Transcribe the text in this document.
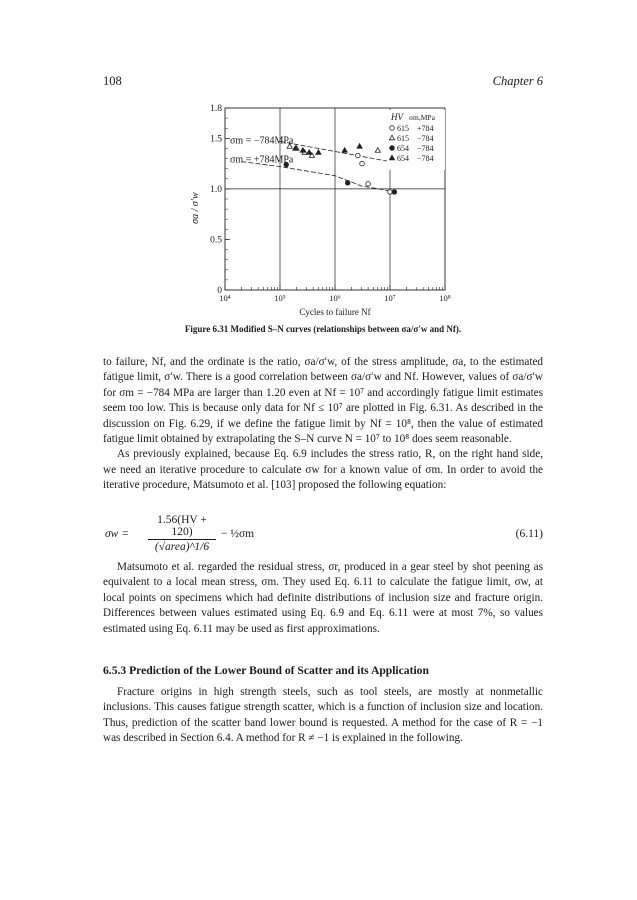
108	Chapter 6
10⁴	10⁵	10⁶	10⁷	10⁸
0
0.5
1.0
1.5
1.8
Cycles to failure Nf
σa / σ′w
σm = −784MPa
σm = +784MPa
HV σm,MPa
615 +784
615 −784
654 −784
654 −784
Figure 6.31 Modified S–N curves (relationships between σa/σ′w and Nf).

to failure, Nf, and the ordinate is the ratio, σa/σ′w, of the stress amplitude, σa, to the estimated fatigue limit, σ′w. There is a good correlation between σa/σ′w and Nf. However, values of σa/σ′w for σm = −784 MPa are larger than 1.20 even at Nf = 10⁷ and accordingly fatigue limit estimates seem too low. This is because only data for Nf ≤ 10⁷ are plotted in Fig. 6.31. As described in the discussion on Fig. 6.29, if we define the fatigue limit by Nf = 10⁸, then the value of estimated fatigue limit obtained by extrapolating the S–N curve N = 10⁷ to 10⁸ does seem reasonable.

As previously explained, because Eq. 6.9 includes the stress ratio, R, on the right hand side, we need an iterative procedure to calculate σw for a known value of σm. In order to avoid the iterative procedure, Matsumoto et al. [103] proposed the following equation:

σw =
1.56(HV + 120)
(√area)^1/6
− ½σm	(6.11)

Matsumoto et al. regarded the residual stress, σr, produced in a gear steel by shot peening as equivalent to a local mean stress, σm. They used Eq. 6.11 to calculate the fatigue limit, σw, at local points on specimens which had definite distributions of inclusion size and fracture origin. Differences between values estimated using Eq. 6.9 and Eq. 6.11 were at most 7%, so values estimated using Eq. 6.11 may be used as first approximations.

6.5.3 Prediction of the Lower Bound of Scatter and its Application

Fracture origins in high strength steels, such as tool steels, are mostly at nonmetallic inclusions. This causes fatigue strength scatter, which is a function of inclusion size and location. Thus, prediction of the scatter band lower bound is requested. A method for the case of R = −1 was described in Section 6.4. A method for R ≠ −1 is explained in the following.
